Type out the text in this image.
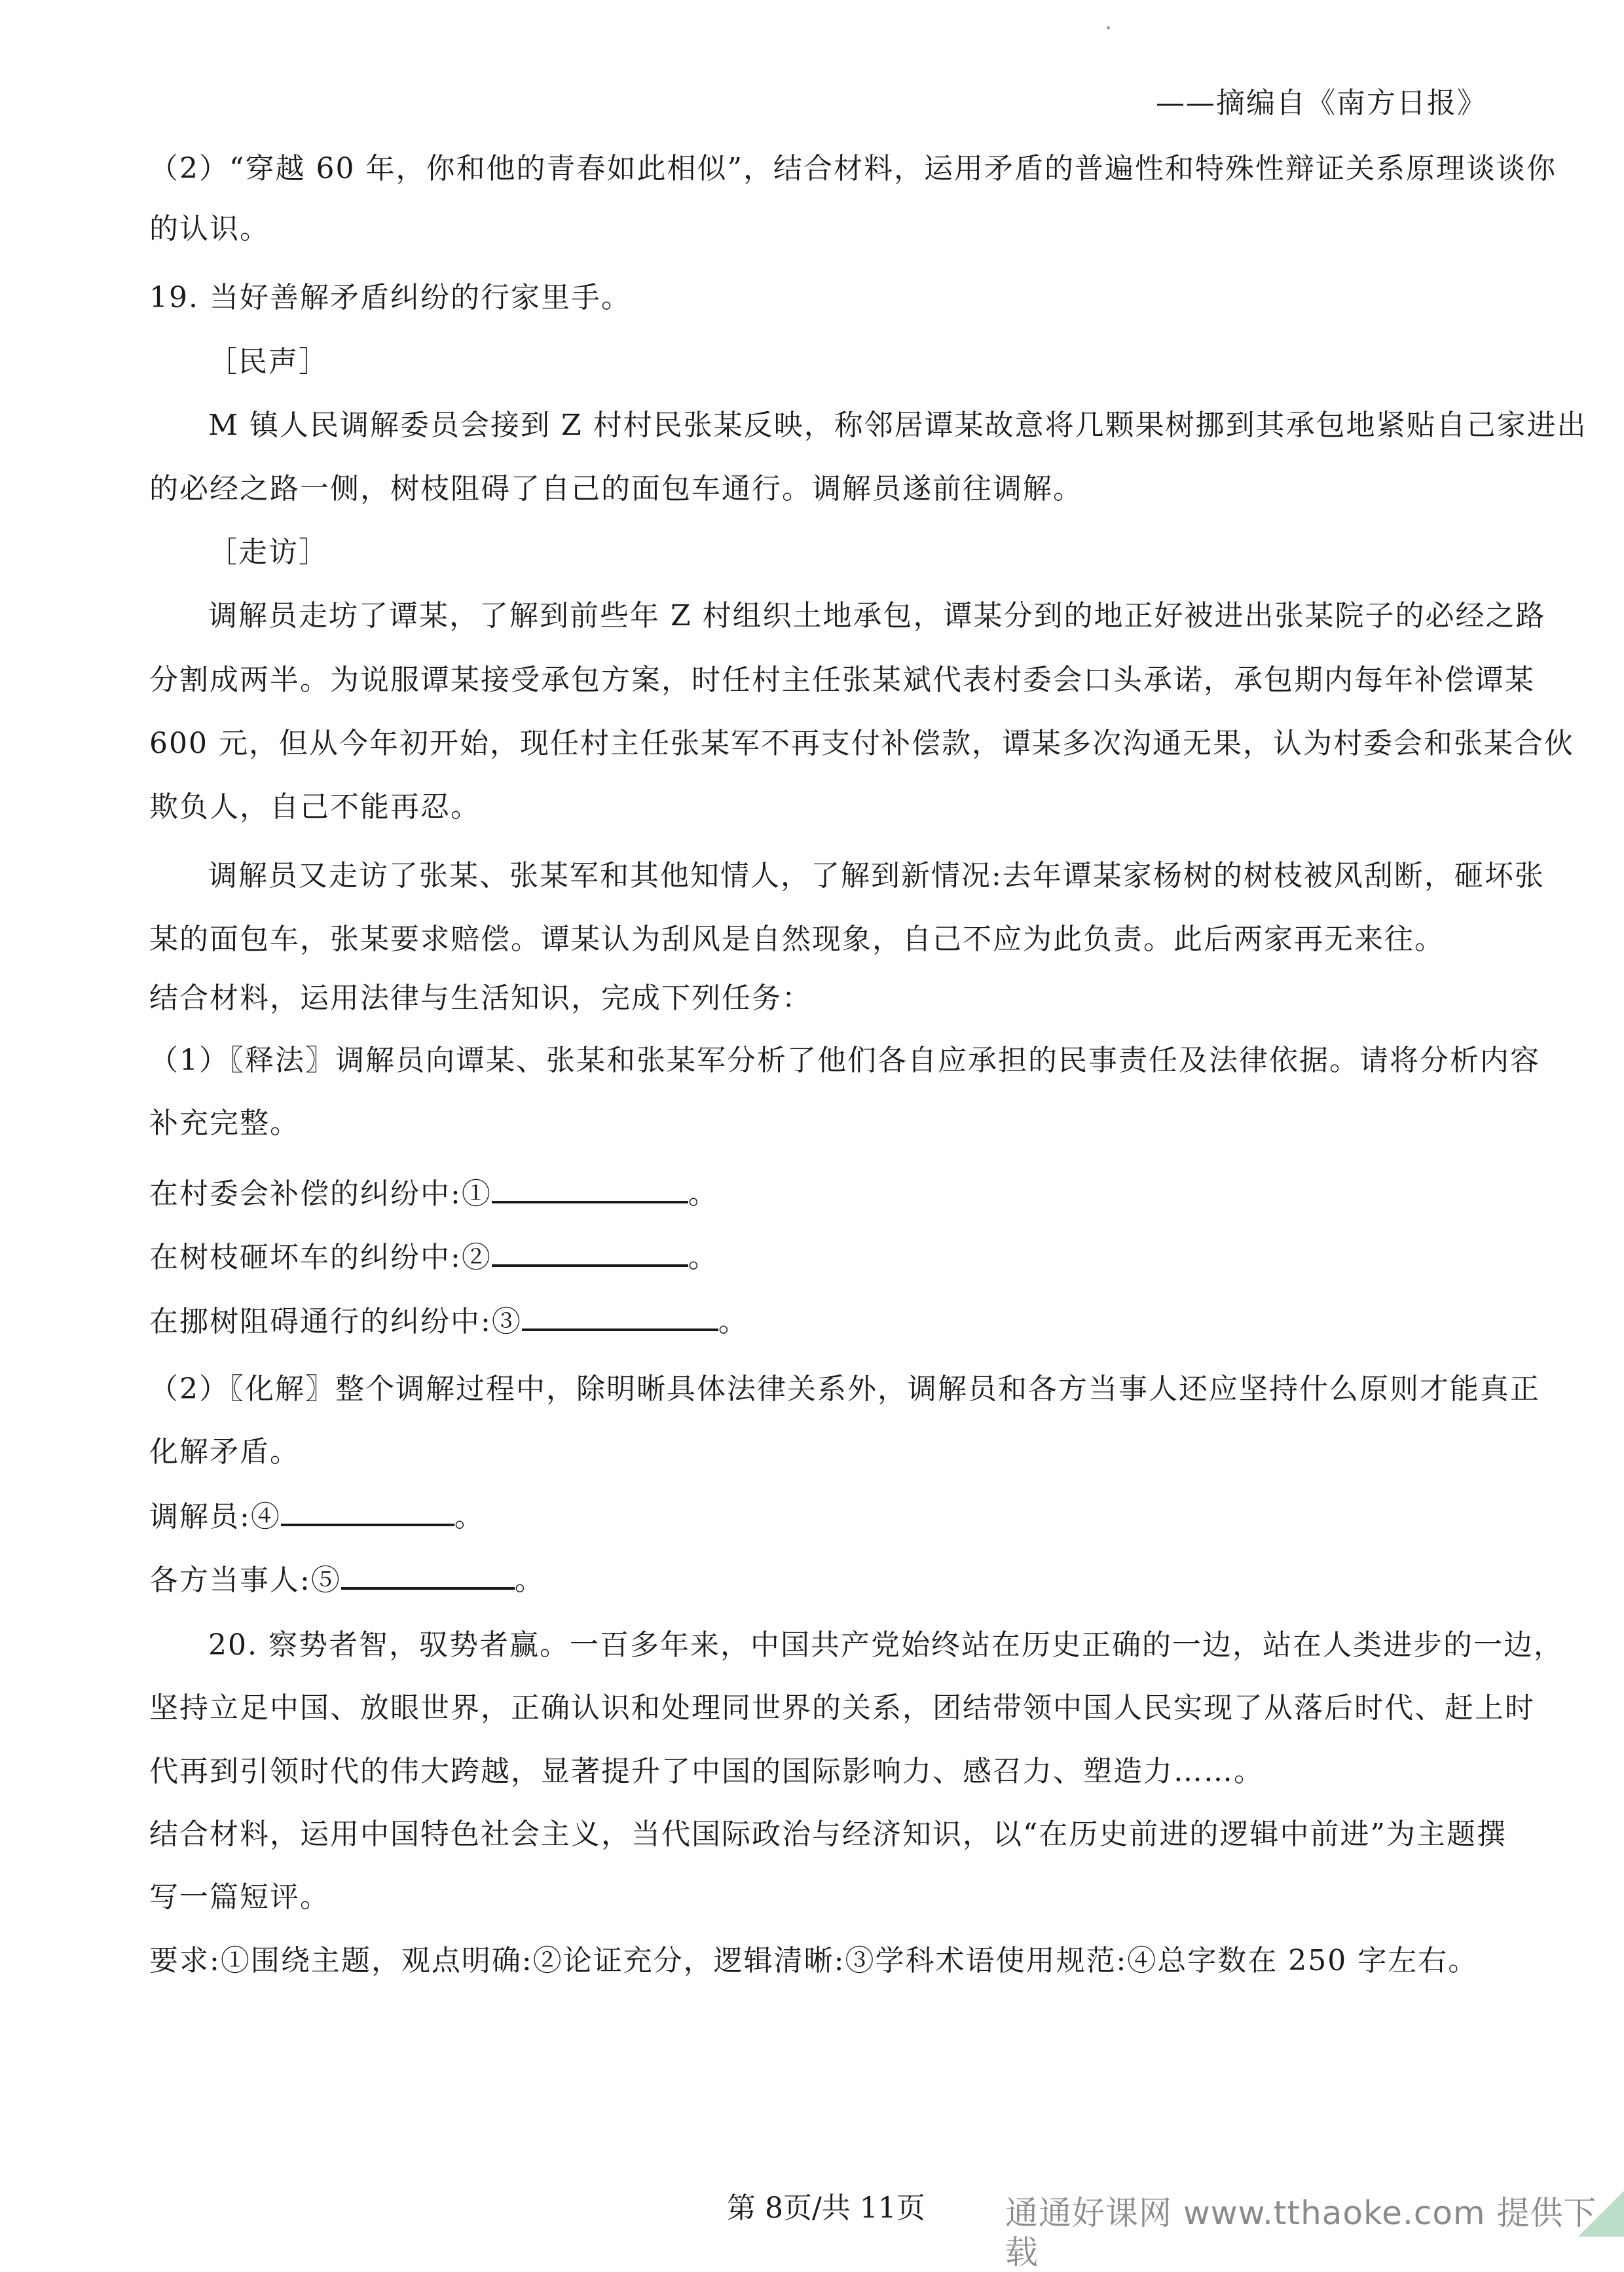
——摘编自《南方日报》
（2）“穿越 60 年，你和他的青春如此相似”，结合材料，运用矛盾的普遍性和特殊性辩证关系原理谈谈你
的认识。
19. 当好善解矛盾纠纷的行家里手。
［民声］
M 镇人民调解委员会接到 Z 村村民张某反映，称邻居谭某故意将几颗果树挪到其承包地紧贴自己家进出
的必经之路一侧，树枝阻碍了自己的面包车通行。调解员遂前往调解。
［走访］
调解员走坊了谭某，了解到前些年 Z 村组织土地承包，谭某分到的地正好被进出张某院子的必经之路
分割成两半。为说服谭某接受承包方案，时任村主任张某斌代表村委会口头承诺，承包期内每年补偿谭某
600 元，但从今年初开始，现任村主任张某军不再支付补偿款，谭某多次沟通无果，认为村委会和张某合伙
欺负人，自己不能再忍。
调解员又走访了张某、张某军和其他知情人，了解到新情况:去年谭某家杨树的树枝被风刮断，砸坏张
某的面包车，张某要求赔偿。谭某认为刮风是自然现象，自己不应为此负责。此后两家再无来往。
结合材料，运用法律与生活知识，完成下列任务：
（1）〖释法〗调解员向谭某、张某和张某军分析了他们各自应承担的民事责任及法律依据。请将分析内容
补充完整。
在村委会补偿的纠纷中:①	。
在树枝砸坏车的纠纷中:②	。
在挪树阻碍通行的纠纷中:③	。
（2）〖化解〗整个调解过程中，除明晰具体法律关系外，调解员和各方当事人还应坚持什么原则才能真正
化解矛盾。
调解员:④	。
各方当事人:⑤	。
20. 察势者智，驭势者赢。一百多年来，中国共产党始终站在历史正确的一边，站在人类进步的一边，
坚持立足中国、放眼世界，正确认识和处理同世界的关系，团结带领中国人民实现了从落后时代、赶上时
代再到引领时代的伟大跨越，显著提升了中国的国际影响力、感召力、塑造力……。
结合材料，运用中国特色社会主义，当代国际政治与经济知识，以“在历史前进的逻辑中前进”为主题撰
写一篇短评。
要求:①围绕主题，观点明确:②论证充分，逻辑清晰:③学科术语使用规范:④总字数在 250 字左右。
第 8页/共 11页 通通好课网 www.tthaoke.com 提供下载
